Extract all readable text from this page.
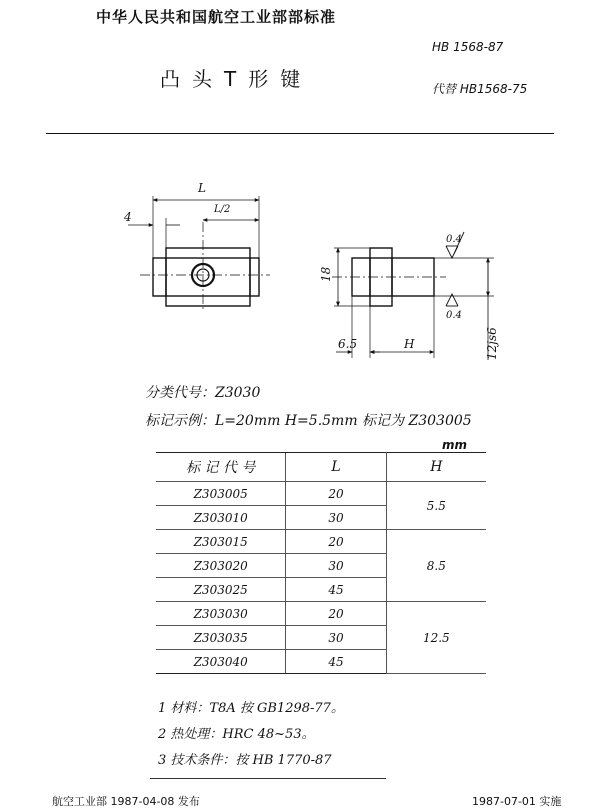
中华人民共和国航空工业部部标准
HB 1568-87
凸头T形键	代替 HB1568-75
L
L/2
4
18
6.5	H	12js6
0.4
0.4
分类代号：Z3030
标记示例：L=20mm H=5.5mm 标记为 Z303005
mm
标 记 代 号	L	H
Z303005	20	5.5
Z303010	30	
Z303015	20	8.5
Z303020	30	
Z303025	45	
Z303030	20	12.5
Z303035	30	
Z303040	45	
1 材料：T8A 按 GB1298-77。
2 热处理：HRC 48~53。
3 技术条件：按 HB 1770-87
航空工业部 1987-04-08 发布	1987-07-01 实施
